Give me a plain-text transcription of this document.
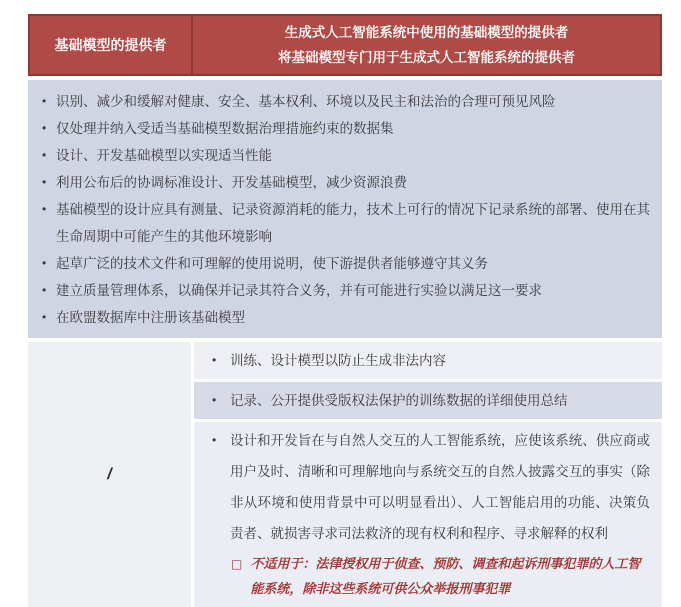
基础模型的提供者
生成式人工智能系统中使用的基础模型的提供者
将基础模型专门用于生成式人工智能系统的提供者
• 识别、减少和缓解对健康、安全、基本权利、环境以及民主和法治的合理可预见风险
• 仅处理并纳入受适当基础模型数据治理措施约束的数据集
• 设计、开发基础模型以实现适当性能
• 利用公布后的协调标准设计、开发基础模型，减少资源浪费
• 基础模型的设计应具有测量、记录资源消耗的能力，技术上可行的情况下记录系统的部署、使用在其生命周期中可能产生的其他环境影响
• 起草广泛的技术文件和可理解的使用说明，使下游提供者能够遵守其义务
• 建立质量管理体系，以确保并记录其符合义务，并有可能进行实验以满足这一要求
• 在欧盟数据库中注册该基础模型
/
• 训练、设计模型以防止生成非法内容
• 记录、公开提供受版权法保护的训练数据的详细使用总结
• 设计和开发旨在与自然人交互的人工智能系统，应使该系统、供应商或用户及时、清晰和可理解地向与系统交互的自然人披露交互的事实（除非从环境和使用背景中可以明显看出）、人工智能启用的功能、决策负责者、就损害寻求司法救济的现有权利和程序、寻求解释的权利
□ 不适用于：法律授权用于侦查、预防、调查和起诉刑事犯罪的人工智能系统，除非这些系统可供公众举报刑事犯罪
